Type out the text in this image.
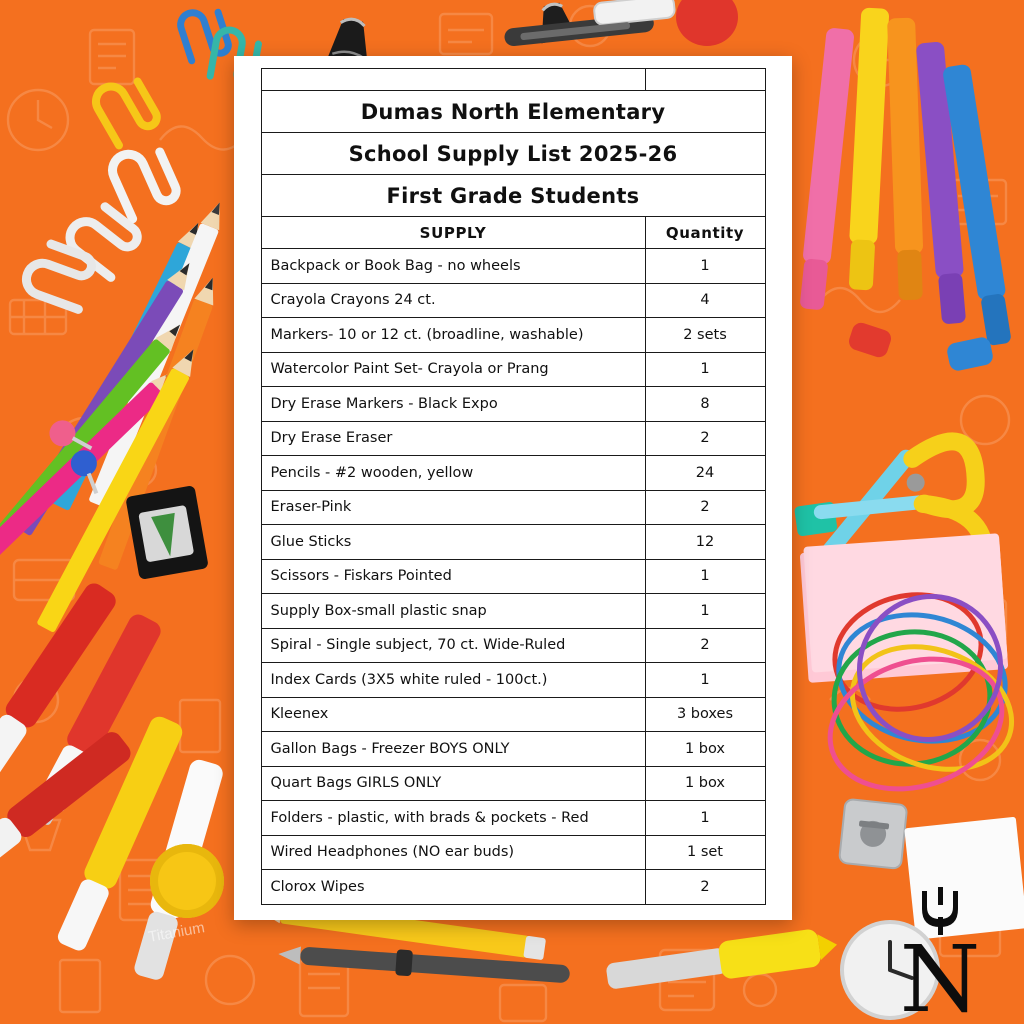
Titanium

Dumas North Elementary	
School Supply List 2025-26	
First Grade Students	
SUPPLY	Quantity
Backpack or Book Bag - no wheels	1
Crayola Crayons 24 ct.	4
Markers- 10 or 12 ct. (broadline, washable)	2 sets
Watercolor Paint Set- Crayola or Prang	1
Dry Erase Markers - Black Expo	8
Dry Erase Eraser	2
Pencils - #2 wooden, yellow	24
Eraser-Pink	2
Glue Sticks	12
Scissors - Fiskars Pointed	1
Supply Box-small plastic snap	1
Spiral - Single subject, 70 ct. Wide-Ruled	2
Index Cards (3X5 white ruled - 100ct.)	1
Kleenex	3 boxes
Gallon Bags - Freezer BOYS ONLY	1 box
Quart Bags GIRLS ONLY	1 box
Folders - plastic, with brads & pockets - Red	1
Wired Headphones (NO ear buds)	1 set
Clorox Wipes	2
N
